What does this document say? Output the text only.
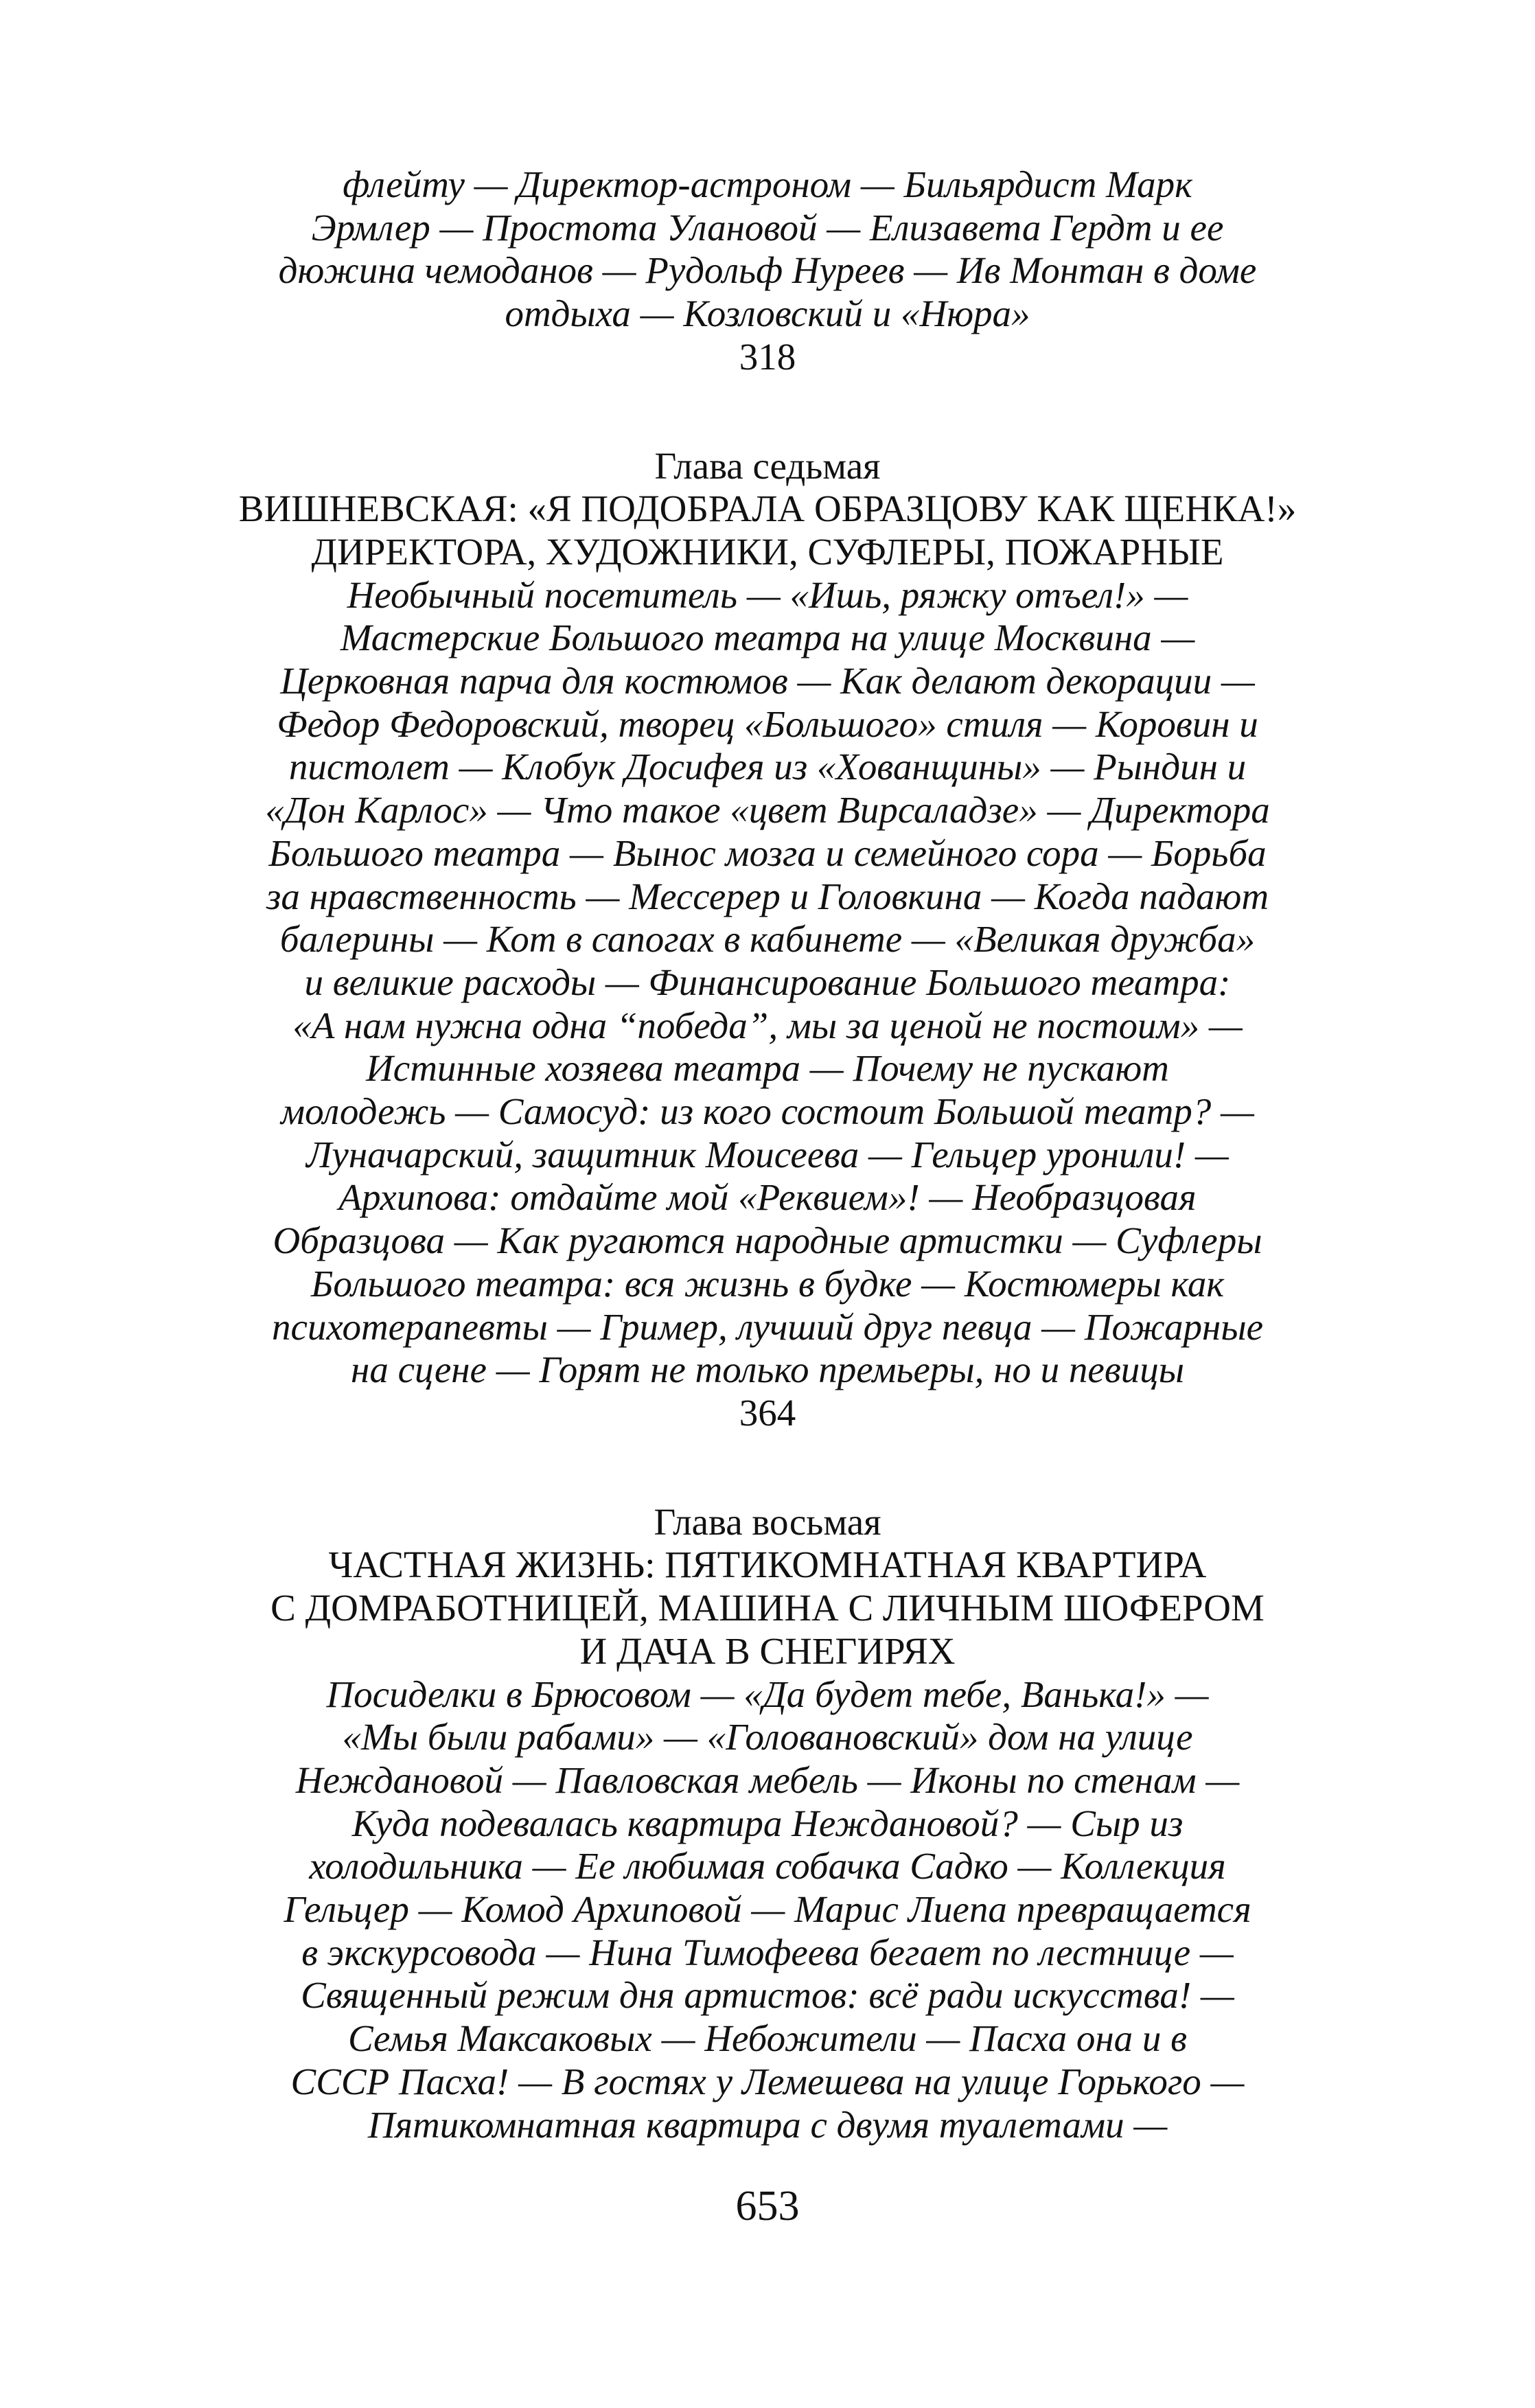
флейту — Директор-астроном — Бильярдист Марк
Эрмлер — Простота Улановой — Елизавета Гердт и ее
дюжина чемоданов — Рудольф Нуреев — Ив Монтан в доме
отдыха — Козловский и «Нюра»
318
Глава седьмая
ВИШНЕВСКАЯ: «Я ПОДОБРАЛА ОБРАЗЦОВУ КАК ЩЕНКА!»
ДИРЕКТОРА, ХУДОЖНИКИ, СУФЛЕРЫ, ПОЖАРНЫЕ
Необычный посетитель — «Ишь, ряжку отъел!» —
Мастерские Большого театра на улице Москвина —
Церковная парча для костюмов — Как делают декорации —
Федор Федоровский, творец «Большого» стиля — Коровин и
пистолет — Клобук Досифея из «Хованщины» — Рындин и
«Дон Карлос» — Что такое «цвет Вирсаладзе» — Директора
Большого театра — Вынос мозга и семейного сора — Борьба
за нравственность — Мессерер и Головкина — Когда падают
балерины — Кот в сапогах в кабинете — «Великая дружба»
и великие расходы — Финансирование Большого театра:
«А нам нужна одна “победа”, мы за ценой не постоим» —
Истинные хозяева театра — Почему не пускают
молодежь — Самосуд: из кого состоит Большой театр? —
Луначарский, защитник Моисеева — Гельцер уронили! —
Архипова: отдайте мой «Реквием»! — Необразцовая
Образцова — Как ругаются народные артистки — Суфлеры
Большого театра: вся жизнь в будке — Костюмеры как
психотерапевты — Гример, лучший друг певца — Пожарные
на сцене — Горят не только премьеры, но и певицы
364
Глава восьмая
ЧАСТНАЯ ЖИЗНЬ: ПЯТИКОМНАТНАЯ КВАРТИРА
С ДОМРАБОТНИЦЕЙ, МАШИНА С ЛИЧНЫМ ШОФЕРОМ
И ДАЧА В СНЕГИРЯХ
Посиделки в Брюсовом — «Да будет тебе, Ванька!» —
«Мы были рабами» — «Головановский» дом на улице
Неждановой — Павловская мебель — Иконы по стенам —
Куда подевалась квартира Неждановой? — Сыр из
холодильника — Ее любимая собачка Садко — Коллекция
Гельцер — Комод Архиповой — Марис Лиепа превращается
в экскурсовода — Нина Тимофеева бегает по лестнице —
Священный режим дня артистов: всё ради искусства! —
Семья Максаковых — Небожители — Пасха она и в
СССР Пасха! — В гостях у Лемешева на улице Горького —
Пятикомнатная квартира с двумя туалетами —
653
